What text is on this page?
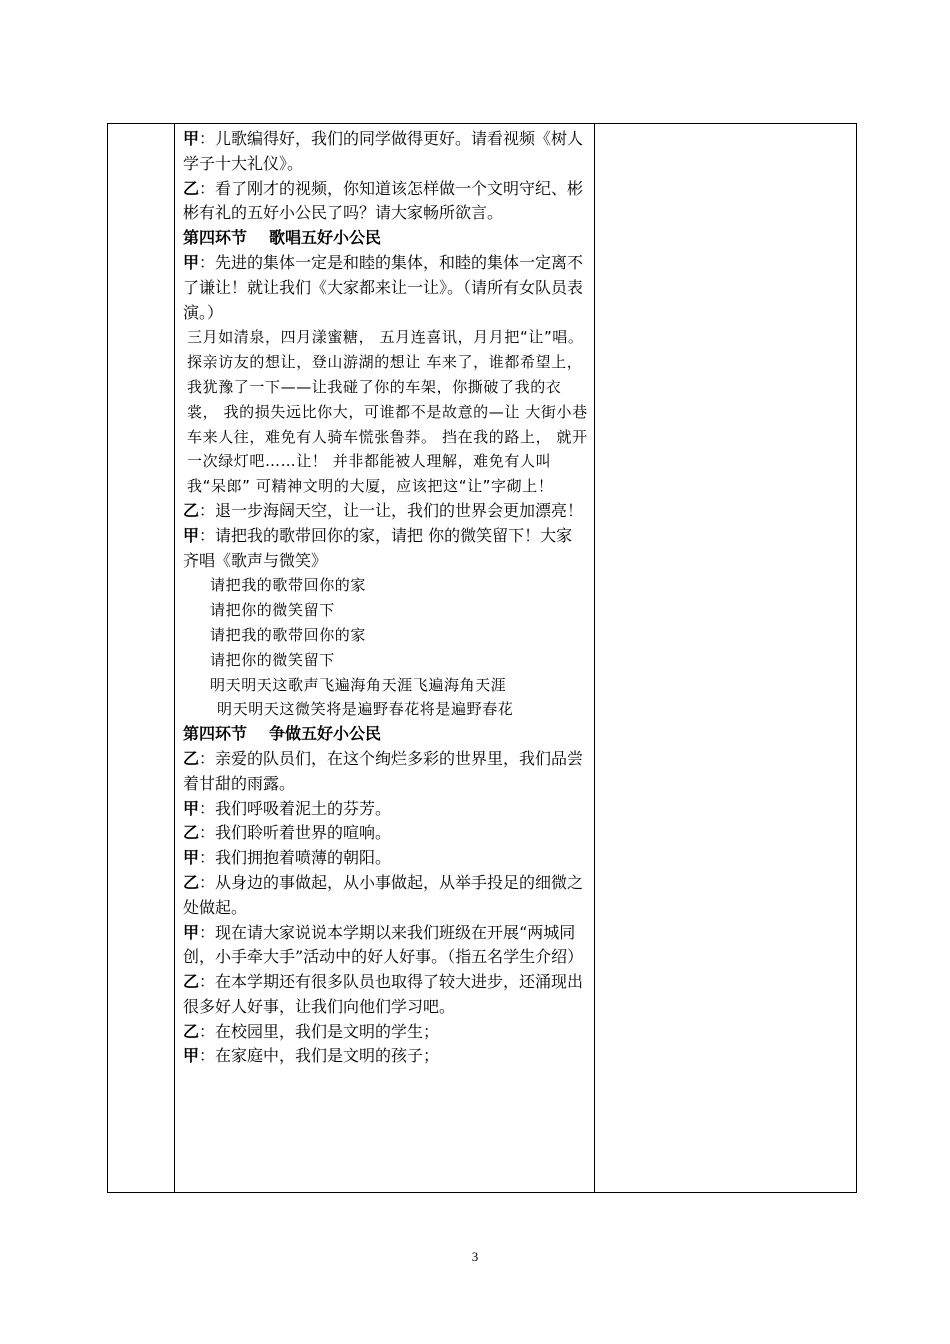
甲：儿歌编得好，我们的同学做得更好。请看视频《树人学子十大礼仪》。

乙：看了刚才的视频，你知道该怎样做一个文明守纪、彬彬有礼的五好小公民了吗？请大家畅所欲言。

第四环节 歌唱五好小公民

甲：先进的集体一定是和睦的集体，和睦的集体一定离不了谦让！就让我们《大家都来让一让》。（请所有女队员表演。）

三月如清泉，四月漾蜜糖， 五月连喜讯，月月把“让”唱。 探亲访友的想让，登山游湖的想让 车来了，谁都希望上，我犹豫了一下——让我碰了你的车架，你撕破了我的衣裳， 我的损失远比你大，可谁都不是故意的—让 大街小巷车来人往，难免有人骑车慌张鲁莽。 挡在我的路上， 就开一次绿灯吧……让！ 并非都能被人理解，难免有人叫我“呆郎” 可精神文明的大厦，应该把这“让”字砌上！

乙：退一步海阔天空，让一让，我们的世界会更加漂亮！

甲：请把我的歌带回你的家，请把 你的微笑留下！大家齐唱《歌声与微笑》

请把我的歌带回你的家

请把你的微笑留下

请把我的歌带回你的家

请把你的微笑留下

明天明天这歌声飞遍海角天涯飞遍海角天涯

明天明天这微笑将是遍野春花将是遍野春花

第四环节 争做五好小公民

乙：亲爱的队员们，在这个绚烂多彩的世界里，我们品尝着甘甜的雨露。

甲：我们呼吸着泥土的芬芳。

乙：我们聆听着世界的喧响。

甲：我们拥抱着喷薄的朝阳。

乙：从身边的事做起，从小事做起，从举手投足的细微之处做起。

甲：现在请大家说说本学期以来我们班级在开展“两城同创，小手牵大手”活动中的好人好事。（指五名学生介绍）

乙：在本学期还有很多队员也取得了较大进步，还涌现出很多好人好事，让我们向他们学习吧。

乙：在校园里，我们是文明的学生；

甲：在家庭中，我们是文明的孩子；

3
